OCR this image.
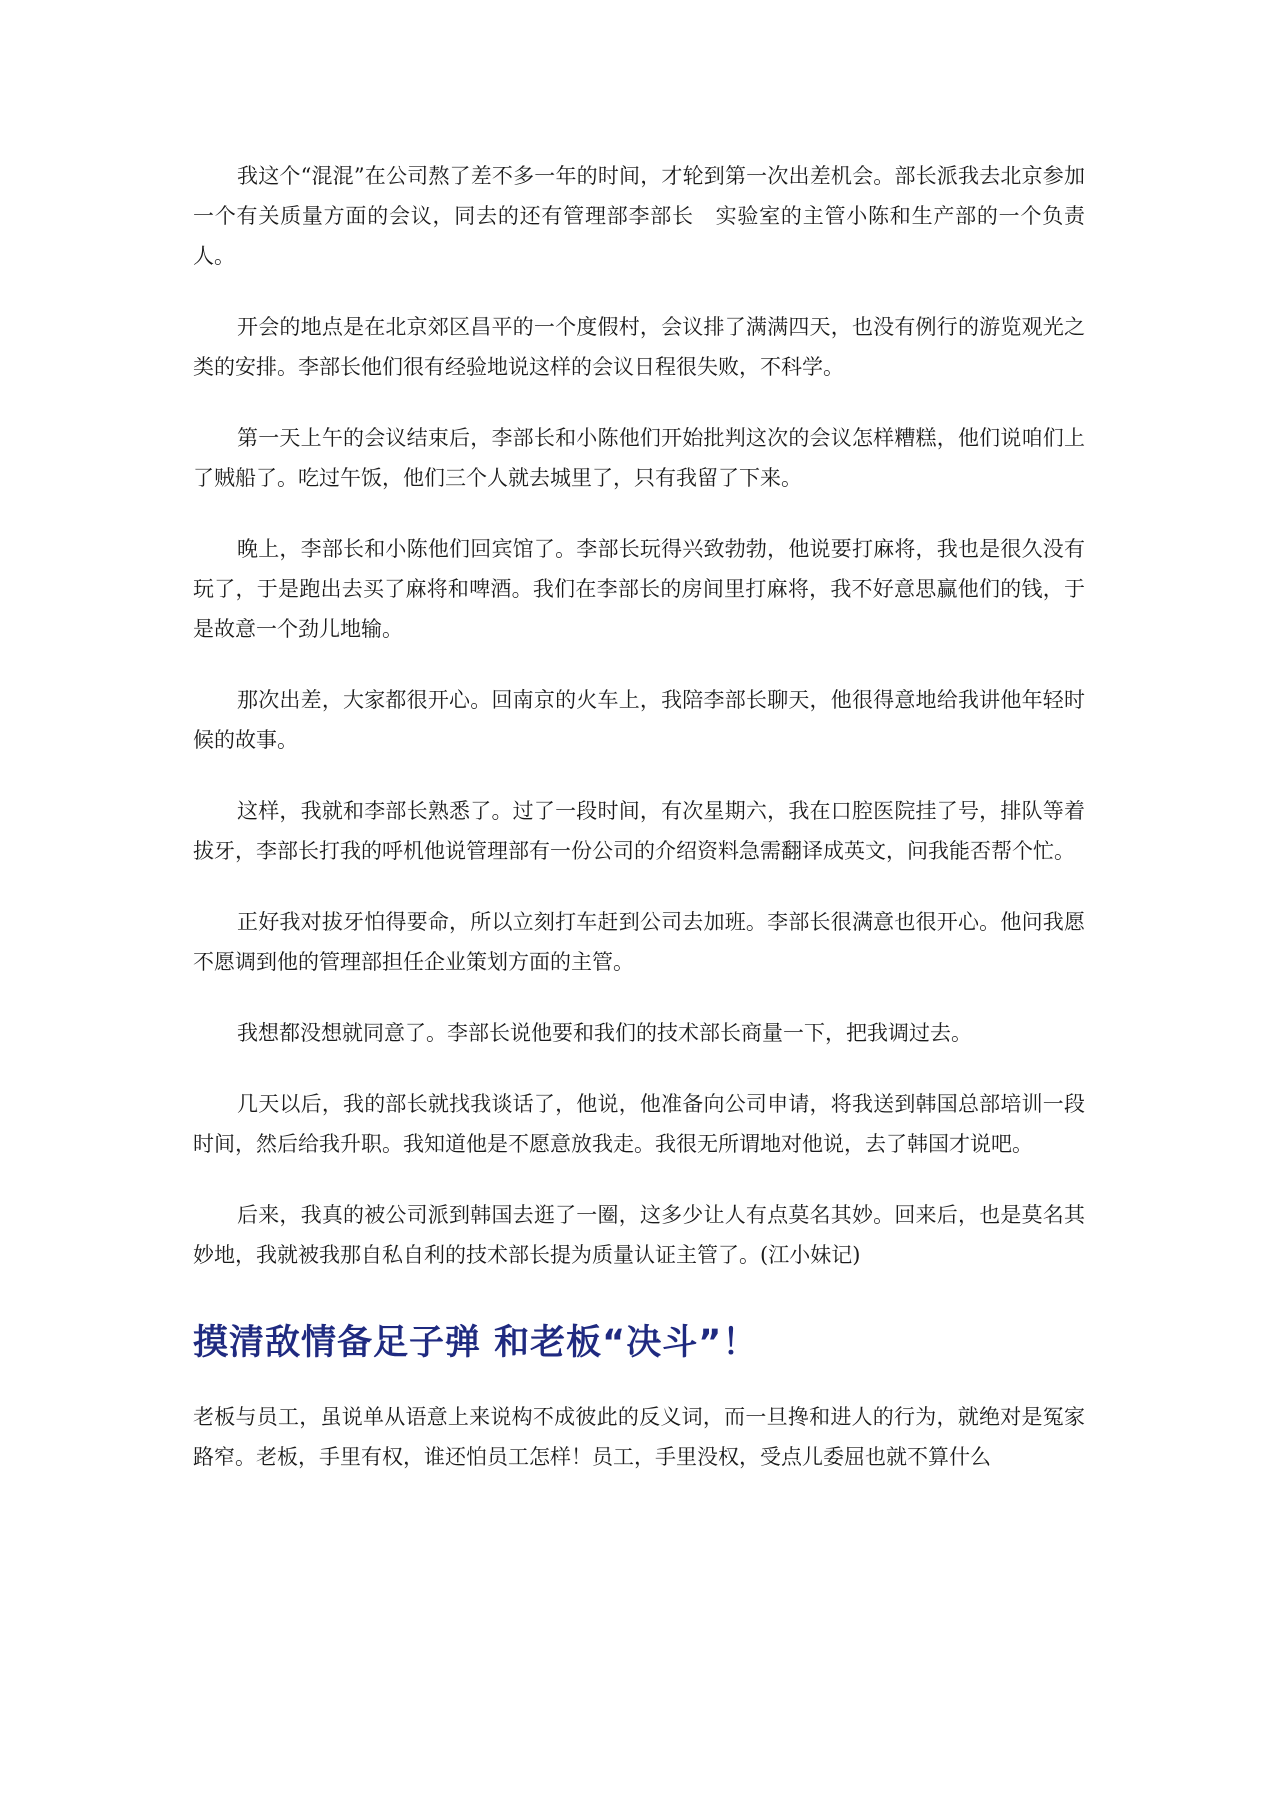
我这个“混混”在公司熬了差不多一年的时间，才轮到第一次出差机会。部长派我去北京参加一个有关质量方面的会议，同去的还有管理部李部长　实验室的主管小陈和生产部的一个负责人。

开会的地点是在北京郊区昌平的一个度假村，会议排了满满四天，也没有例行的游览观光之类的安排。李部长他们很有经验地说这样的会议日程很失败，不科学。

第一天上午的会议结束后，李部长和小陈他们开始批判这次的会议怎样糟糕，他们说咱们上了贼船了。吃过午饭，他们三个人就去城里了，只有我留了下来。

晚上，李部长和小陈他们回宾馆了。李部长玩得兴致勃勃，他说要打麻将，我也是很久没有玩了，于是跑出去买了麻将和啤酒。我们在李部长的房间里打麻将，我不好意思赢他们的钱，于是故意一个劲儿地输。

那次出差，大家都很开心。回南京的火车上，我陪李部长聊天，他很得意地给我讲他年轻时候的故事。

这样，我就和李部长熟悉了。过了一段时间，有次星期六，我在口腔医院挂了号，排队等着拔牙，李部长打我的呼机他说管理部有一份公司的介绍资料急需翻译成英文，问我能否帮个忙。

正好我对拔牙怕得要命，所以立刻打车赶到公司去加班。李部长很满意也很开心。他问我愿不愿调到他的管理部担任企业策划方面的主管。

我想都没想就同意了。李部长说他要和我们的技术部长商量一下，把我调过去。

几天以后，我的部长就找我谈话了，他说，他准备向公司申请，将我送到韩国总部培训一段时间，然后给我升职。我知道他是不愿意放我走。我很无所谓地对他说，去了韩国才说吧。

后来，我真的被公司派到韩国去逛了一圈，这多少让人有点莫名其妙。回来后，也是莫名其妙地，我就被我那自私自利的技术部长提为质量认证主管了。(江小妹记)

摸清敌情备足子弹 和老板“决斗”！

老板与员工，虽说单从语意上来说构不成彼此的反义词，而一旦搀和进人的行为，就绝对是冤家路窄。老板，手里有权，谁还怕员工怎样！员工，手里没权，受点儿委屈也就不算什么
